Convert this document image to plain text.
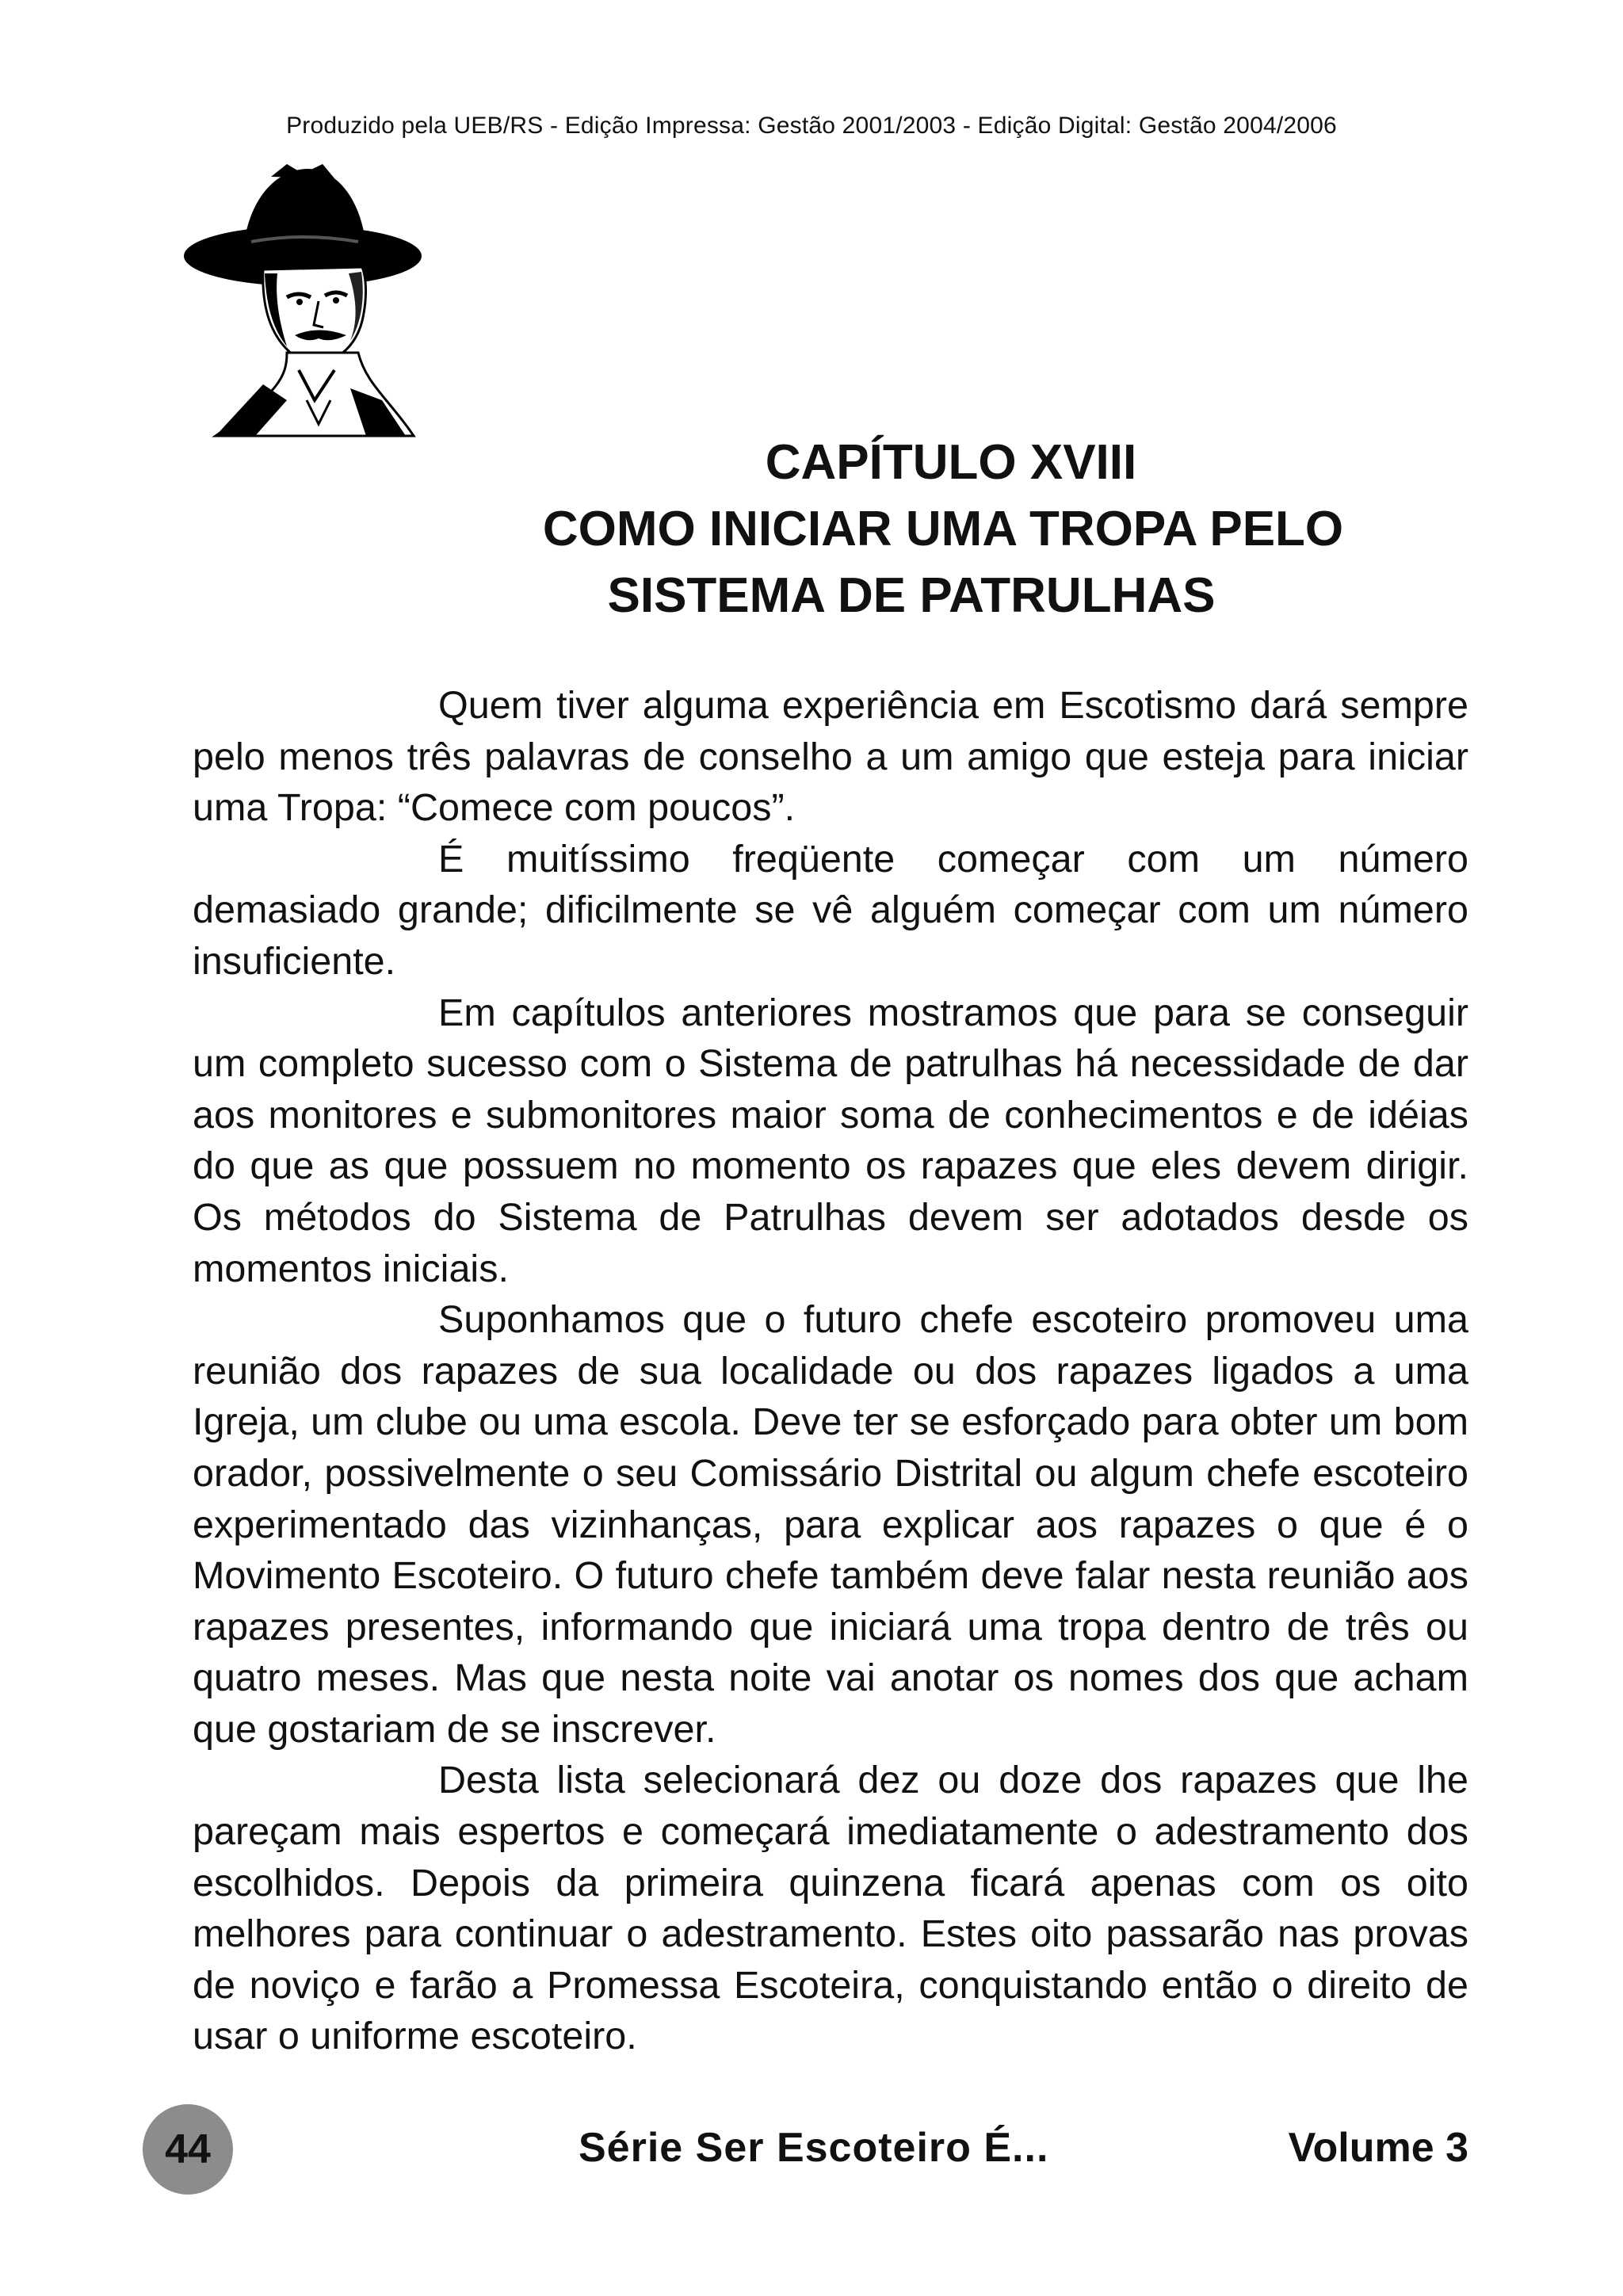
Produzido pela UEB/RS - Edição Impressa: Gestão 2001/2003 - Edição Digital: Gestão 2004/2006
CAPÍTULO XVIII
COMO INICIAR UMA TROPA PELO
SISTEMA DE PATRULHAS

Quem tiver alguma experiência em Escotismo dará sempre pelo menos três palavras de conselho a um amigo que esteja para iniciar uma Tropa: “Comece com poucos”.

É muitíssimo freqüente começar com um número demasiado grande; dificilmente se vê alguém começar com um número insuficiente.

Em capítulos anteriores mostramos que para se conseguir um completo sucesso com o Sistema de patrulhas há necessidade de dar aos monitores e submonitores maior soma de conhecimentos e de idéias do que as que possuem no momento os rapazes que eles devem dirigir. Os métodos do Sistema de Patrulhas devem ser adotados desde os momentos iniciais.

Suponhamos que o futuro chefe escoteiro promoveu uma reunião dos rapazes de sua localidade ou dos rapazes ligados a uma Igreja, um clube ou uma escola. Deve ter se esforçado para obter um bom orador, possivelmente o seu Comissário Distrital ou algum chefe escoteiro experimentado das vizinhanças, para explicar aos rapazes o que é o Movimento Escoteiro. O futuro chefe também deve falar nesta reunião aos rapazes presentes, informando que iniciará uma tropa dentro de três ou quatro meses. Mas que nesta noite vai anotar os nomes dos que acham que gostariam de se inscrever.

Desta lista selecionará dez ou doze dos rapazes que lhe pareçam mais espertos e começará imediatamente o adestramento dos escolhidos. Depois da primeira quinzena ficará apenas com os oito melhores para continuar o adestramento. Estes oito passarão nas provas de noviço e farão a Promessa Escoteira, conquistando então o direito de usar o uniforme escoteiro.

44	Série Ser Escoteiro É...	Volume 3
